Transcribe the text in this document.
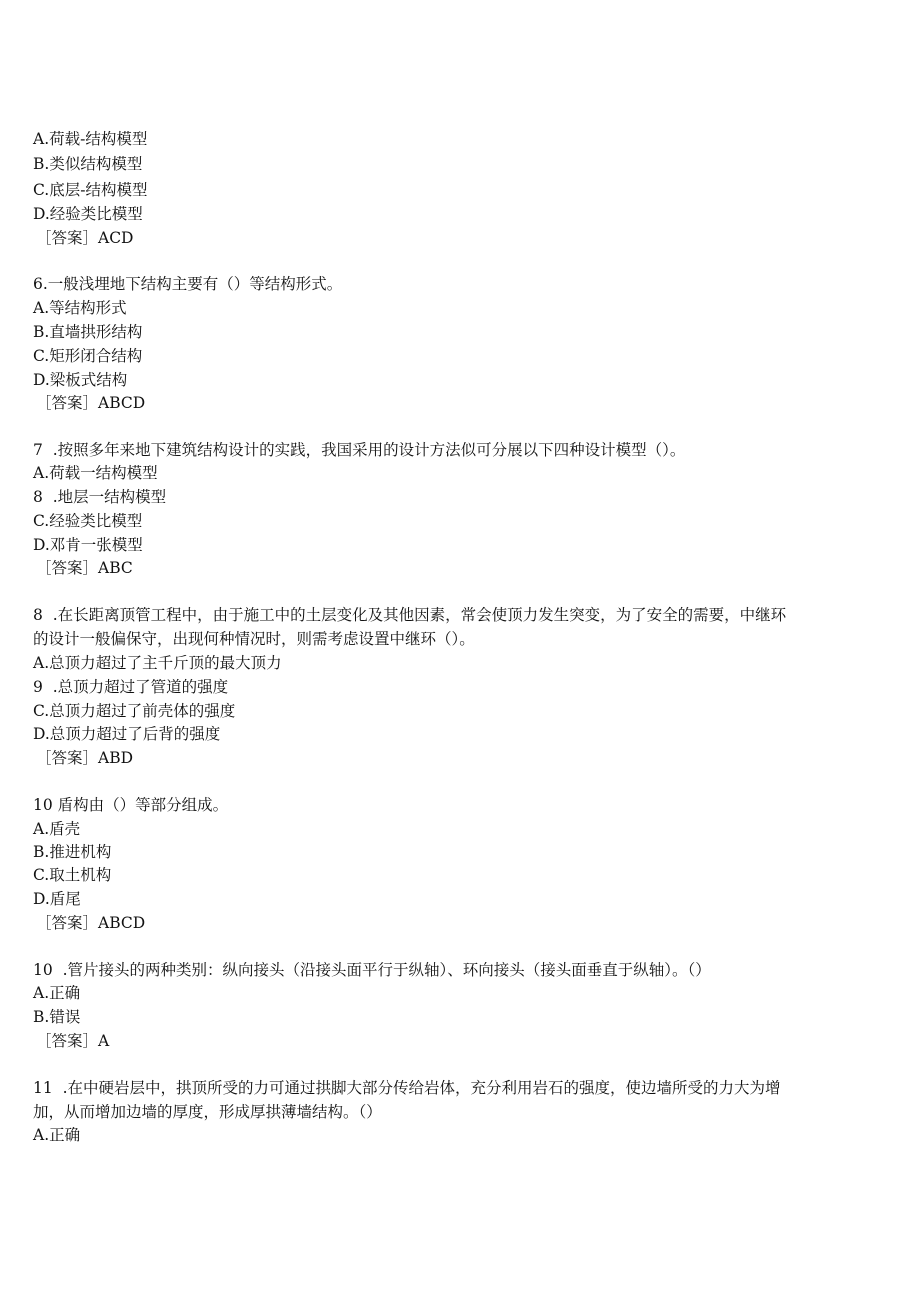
A.荷载-结构模型
B.类似结构模型
C.底层-结构模型
D.经验类比模型
［答案］ACD
6.一般浅埋地下结构主要有（）等结构形式。
A.等结构形式
B.直墙拱形结构
C.矩形闭合结构
D.梁板式结构
［答案］ABCD
7  .按照多年来地下建筑结构设计的实践，我国采用的设计方法似可分展以下四种设计模型（）。
A.荷载一结构模型
8  .地层一结构模型
C.经验类比模型
D.邓肯一张模型
［答案］ABC
8  .在长距离顶管工程中，由于施工中的土层变化及其他因素，常会使顶力发生突变，为了安全的需要，中继环
的设计一般偏保守，出现何种情况时，则需考虑设置中继环（）。
A.总顶力超过了主千斤顶的最大顶力
9  .总顶力超过了管道的强度
C.总顶力超过了前壳体的强度
D.总顶力超过了后背的强度
［答案］ABD
10 盾构由（）等部分组成。
A.盾壳
B.推进机构
C.取土机构
D.盾尾
［答案］ABCD
10  .管片接头的两种类别：纵向接头（沿接头面平行于纵轴）、环向接头（接头面垂直于纵轴）。（）
A.正确
B.错误
［答案］A
11  .在中硬岩层中，拱顶所受的力可通过拱脚大部分传给岩体，充分利用岩石的强度，使边墙所受的力大为增
加，从而增加边墙的厚度，形成厚拱薄墙结构。（）
A.正确
